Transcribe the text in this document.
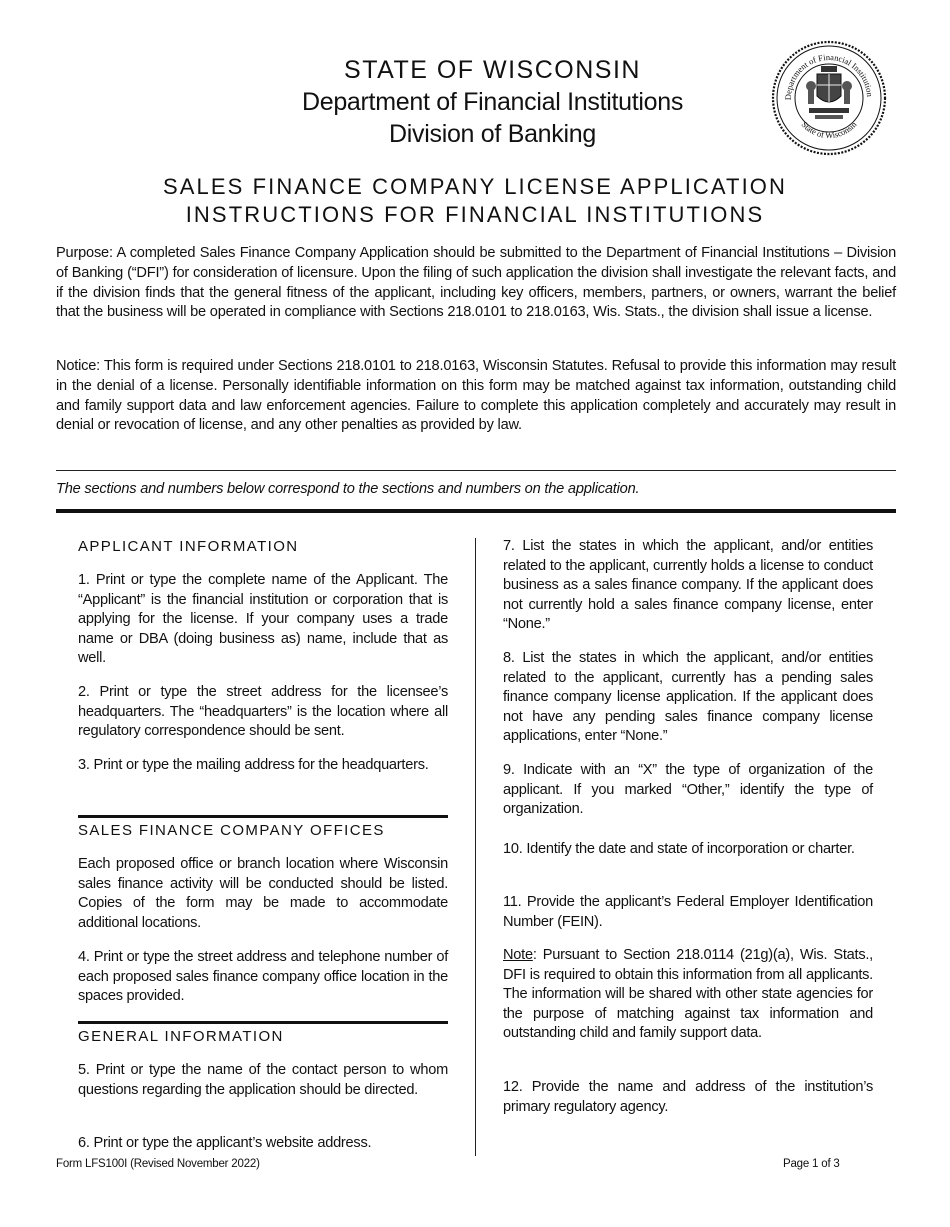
STATE OF WISCONSIN
Department of Financial Institutions
Division of Banking
Department of Financial Institution
State of Wisconsin
SALES FINANCE COMPANY LICENSE APPLICATION
INSTRUCTIONS FOR FINANCIAL INSTITUTIONS
Purpose: A completed Sales Finance Company Application should be submitted to the Department of Financial Institutions – Division of Banking (“DFI”) for consideration of licensure. Upon the filing of such application the division shall investigate the relevant facts, and if the division finds that the general fitness of the applicant, including key officers, members, partners, or owners, warrant the belief that the business will be operated in compliance with Sections 218.0101 to 218.0163, Wis. Stats., the division shall issue a license.
Notice: This form is required under Sections 218.0101 to 218.0163, Wisconsin Statutes. Refusal to provide this information may result in the denial of a license. Personally identifiable information on this form may be matched against tax information, outstanding child and family support data and law enforcement agencies. Failure to complete this application completely and accurately may result in denial or revocation of license, and any other penalties as provided by law.
The sections and numbers below correspond to the sections and numbers on the application.
APPLICANT INFORMATION
1. Print or type the complete name of the Applicant. The “Applicant” is the financial institution or corporation that is applying for the license. If your company uses a trade name or DBA (doing business as) name, include that as well.
2. Print or type the street address for the licensee’s headquarters. The “headquarters” is the location where all regulatory correspondence should be sent.
3. Print or type the mailing address for the headquarters.
SALES FINANCE COMPANY OFFICES
Each proposed office or branch location where Wisconsin sales finance activity will be conducted should be listed. Copies of the form may be made to accommodate additional locations.
4. Print or type the street address and telephone number of each proposed sales finance company office location in the spaces provided.
GENERAL INFORMATION
5. Print or type the name of the contact person to whom questions regarding the application should be directed.
6. Print or type the applicant’s website address.
7. List the states in which the applicant, and/or entities related to the applicant, currently holds a license to conduct business as a sales finance company. If the applicant does not currently hold a sales finance company license, enter “None.”
8. List the states in which the applicant, and/or entities related to the applicant, currently has a pending sales finance company license application. If the applicant does not have any pending sales finance company license applications, enter “None.”
9. Indicate with an “X” the type of organization of the applicant. If you marked “Other,” identify the type of organization.
10. Identify the date and state of incorporation or charter.
11. Provide the applicant’s Federal Employer Identification Number (FEIN).
Note: Pursuant to Section 218.0114 (21g)(a), Wis. Stats., DFI is required to obtain this information from all applicants. The information will be shared with other state agencies for the purpose of matching against tax information and outstanding child and family support data.
12. Provide the name and address of the institution’s primary regulatory agency.
Form LFS100I (Revised November 2022)	Page 1 of 3
